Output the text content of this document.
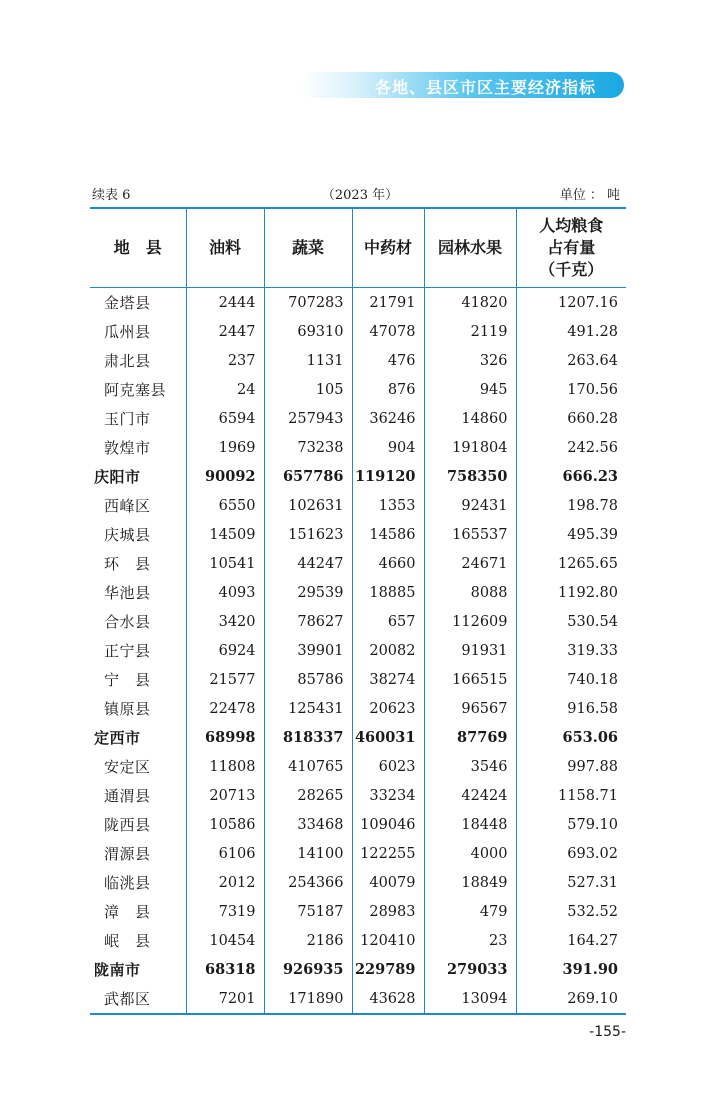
各地、县区市区主要经济指标
续表 6	（2023 年）	单位 ： 吨
地　县	油料	蔬菜	中药材	园林水果	人均粮食
占有量
（千克）
金塔县	2444	707283	21791	41820	1207.16
瓜州县	2447	69310	47078	2119	491.28
肃北县	237	1131	476	326	263.64
阿克塞县	24	105	876	945	170.56
玉门市	6594	257943	36246	14860	660.28
敦煌市	1969	73238	904	191804	242.56
庆阳市	90092	657786	119120	758350	666.23
西峰区	6550	102631	1353	92431	198.78
庆城县	14509	151623	14586	165537	495.39
环　县	10541	44247	4660	24671	1265.65
华池县	4093	29539	18885	8088	1192.80
合水县	3420	78627	657	112609	530.54
正宁县	6924	39901	20082	91931	319.33
宁　县	21577	85786	38274	166515	740.18
镇原县	22478	125431	20623	96567	916.58
定西市	68998	818337	460031	87769	653.06
安定区	11808	410765	6023	3546	997.88
通渭县	20713	28265	33234	42424	1158.71
陇西县	10586	33468	109046	18448	579.10
渭源县	6106	14100	122255	4000	693.02
临洮县	2012	254366	40079	18849	527.31
漳　县	7319	75187	28983	479	532.52
岷　县	10454	2186	120410	23	164.27
陇南市	68318	926935	229789	279033	391.90
武都区	7201	171890	43628	13094	269.10
-155-
